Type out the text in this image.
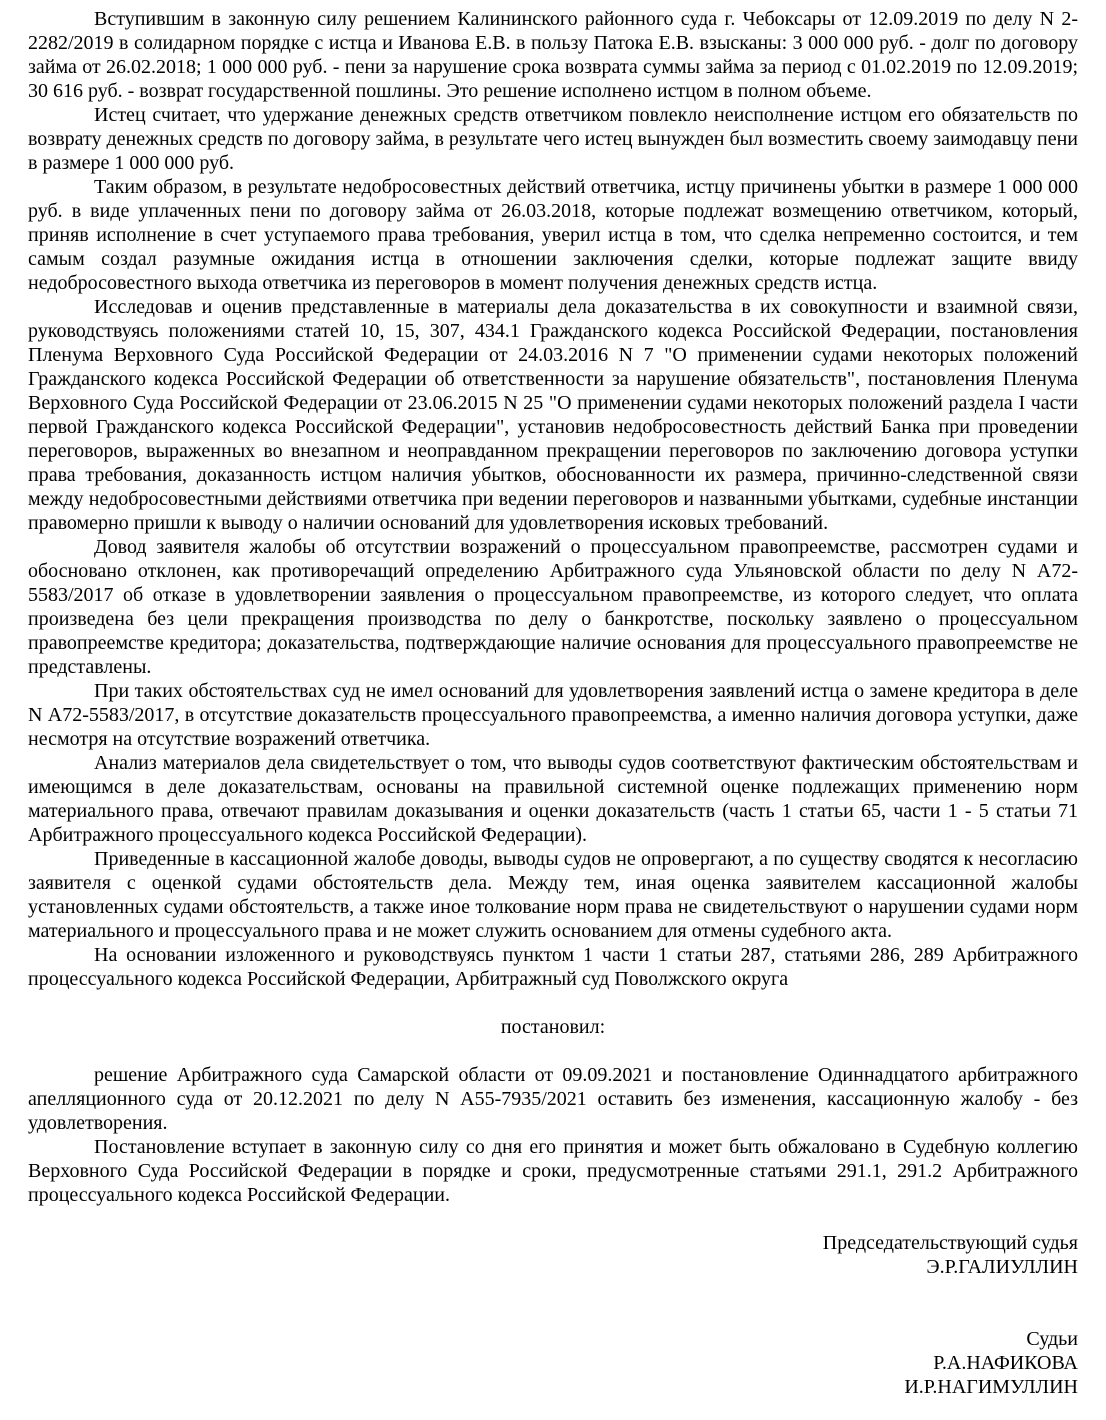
Вступившим в законную силу решением Калининского районного суда г. Чебоксары от 12.09.2019 по делу N 2-2282/2019 в солидарном порядке с истца и Иванова Е.В. в пользу Патока Е.В. взысканы: 3 000 000 руб. - долг по договору займа от 26.02.2018; 1 000 000 руб. - пени за нарушение срока возврата суммы займа за период с 01.02.2019 по 12.09.2019; 30 616 руб. - возврат государственной пошлины. Это решение исполнено истцом в полном объеме.

Истец считает, что удержание денежных средств ответчиком повлекло неисполнение истцом его обязательств по возврату денежных средств по договору займа, в результате чего истец вынужден был возместить своему заимодавцу пени в размере 1 000 000 руб.

Таким образом, в результате недобросовестных действий ответчика, истцу причинены убытки в размере 1 000 000 руб. в виде уплаченных пени по договору займа от 26.03.2018, которые подлежат возмещению ответчиком, который, приняв исполнение в счет уступаемого права требования, уверил истца в том, что сделка непременно состоится, и тем самым создал разумные ожидания истца в отношении заключения сделки, которые подлежат защите ввиду недобросовестного выхода ответчика из переговоров в момент получения денежных средств истца.

Исследовав и оценив представленные в материалы дела доказательства в их совокупности и взаимной связи, руководствуясь положениями статей 10, 15, 307, 434.1 Гражданского кодекса Российской Федерации, постановления Пленума Верховного Суда Российской Федерации от 24.03.2016 N 7 "О применении судами некоторых положений Гражданского кодекса Российской Федерации об ответственности за нарушение обязательств", постановления Пленума Верховного Суда Российской Федерации от 23.06.2015 N 25 "О применении судами некоторых положений раздела I части первой Гражданского кодекса Российской Федерации", установив недобросовестность действий Банка при проведении переговоров, выраженных во внезапном и неоправданном прекращении переговоров по заключению договора уступки права требования, доказанность истцом наличия убытков, обоснованности их размера, причинно-следственной связи между недобросовестными действиями ответчика при ведении переговоров и названными убытками, судебные инстанции правомерно пришли к выводу о наличии оснований для удовлетворения исковых требований.

Довод заявителя жалобы об отсутствии возражений о процессуальном правопреемстве, рассмотрен судами и обосновано отклонен, как противоречащий определению Арбитражного суда Ульяновской области по делу N А72-5583/2017 об отказе в удовлетворении заявления о процессуальном правопреемстве, из которого следует, что оплата произведена без цели прекращения производства по делу о банкротстве, поскольку заявлено о процессуальном правопреемстве кредитора; доказательства, подтверждающие наличие основания для процессуального правопреемстве не представлены.

При таких обстоятельствах суд не имел оснований для удовлетворения заявлений истца о замене кредитора в деле N А72-5583/2017, в отсутствие доказательств процессуального правопреемства, а именно наличия договора уступки, даже несмотря на отсутствие возражений ответчика.

Анализ материалов дела свидетельствует о том, что выводы судов соответствуют фактическим обстоятельствам и имеющимся в деле доказательствам, основаны на правильной системной оценке подлежащих применению норм материального права, отвечают правилам доказывания и оценки доказательств (часть 1 статьи 65, части 1 - 5 статьи 71 Арбитражного процессуального кодекса Российской Федерации).

Приведенные в кассационной жалобе доводы, выводы судов не опровергают, а по существу сводятся к несогласию заявителя с оценкой судами обстоятельств дела. Между тем, иная оценка заявителем кассационной жалобы установленных судами обстоятельств, а также иное толкование норм права не свидетельствуют о нарушении судами норм материального и процессуального права и не может служить основанием для отмены судебного акта.

На основании изложенного и руководствуясь пунктом 1 части 1 статьи 287, статьями 286, 289 Арбитражного процессуального кодекса Российской Федерации, Арбитражный суд Поволжского округа

постановил:

решение Арбитражного суда Самарской области от 09.09.2021 и постановление Одиннадцатого арбитражного апелляционного суда от 20.12.2021 по делу N А55-7935/2021 оставить без изменения, кассационную жалобу - без удовлетворения.

Постановление вступает в законную силу со дня его принятия и может быть обжаловано в Судебную коллегию Верховного Суда Российской Федерации в порядке и сроки, предусмотренные статьями 291.1, 291.2 Арбитражного процессуального кодекса Российской Федерации.

Председательствующий судья

Э.Р.ГАЛИУЛЛИН

Судьи

Р.А.НАФИКОВА

И.Р.НАГИМУЛЛИН
